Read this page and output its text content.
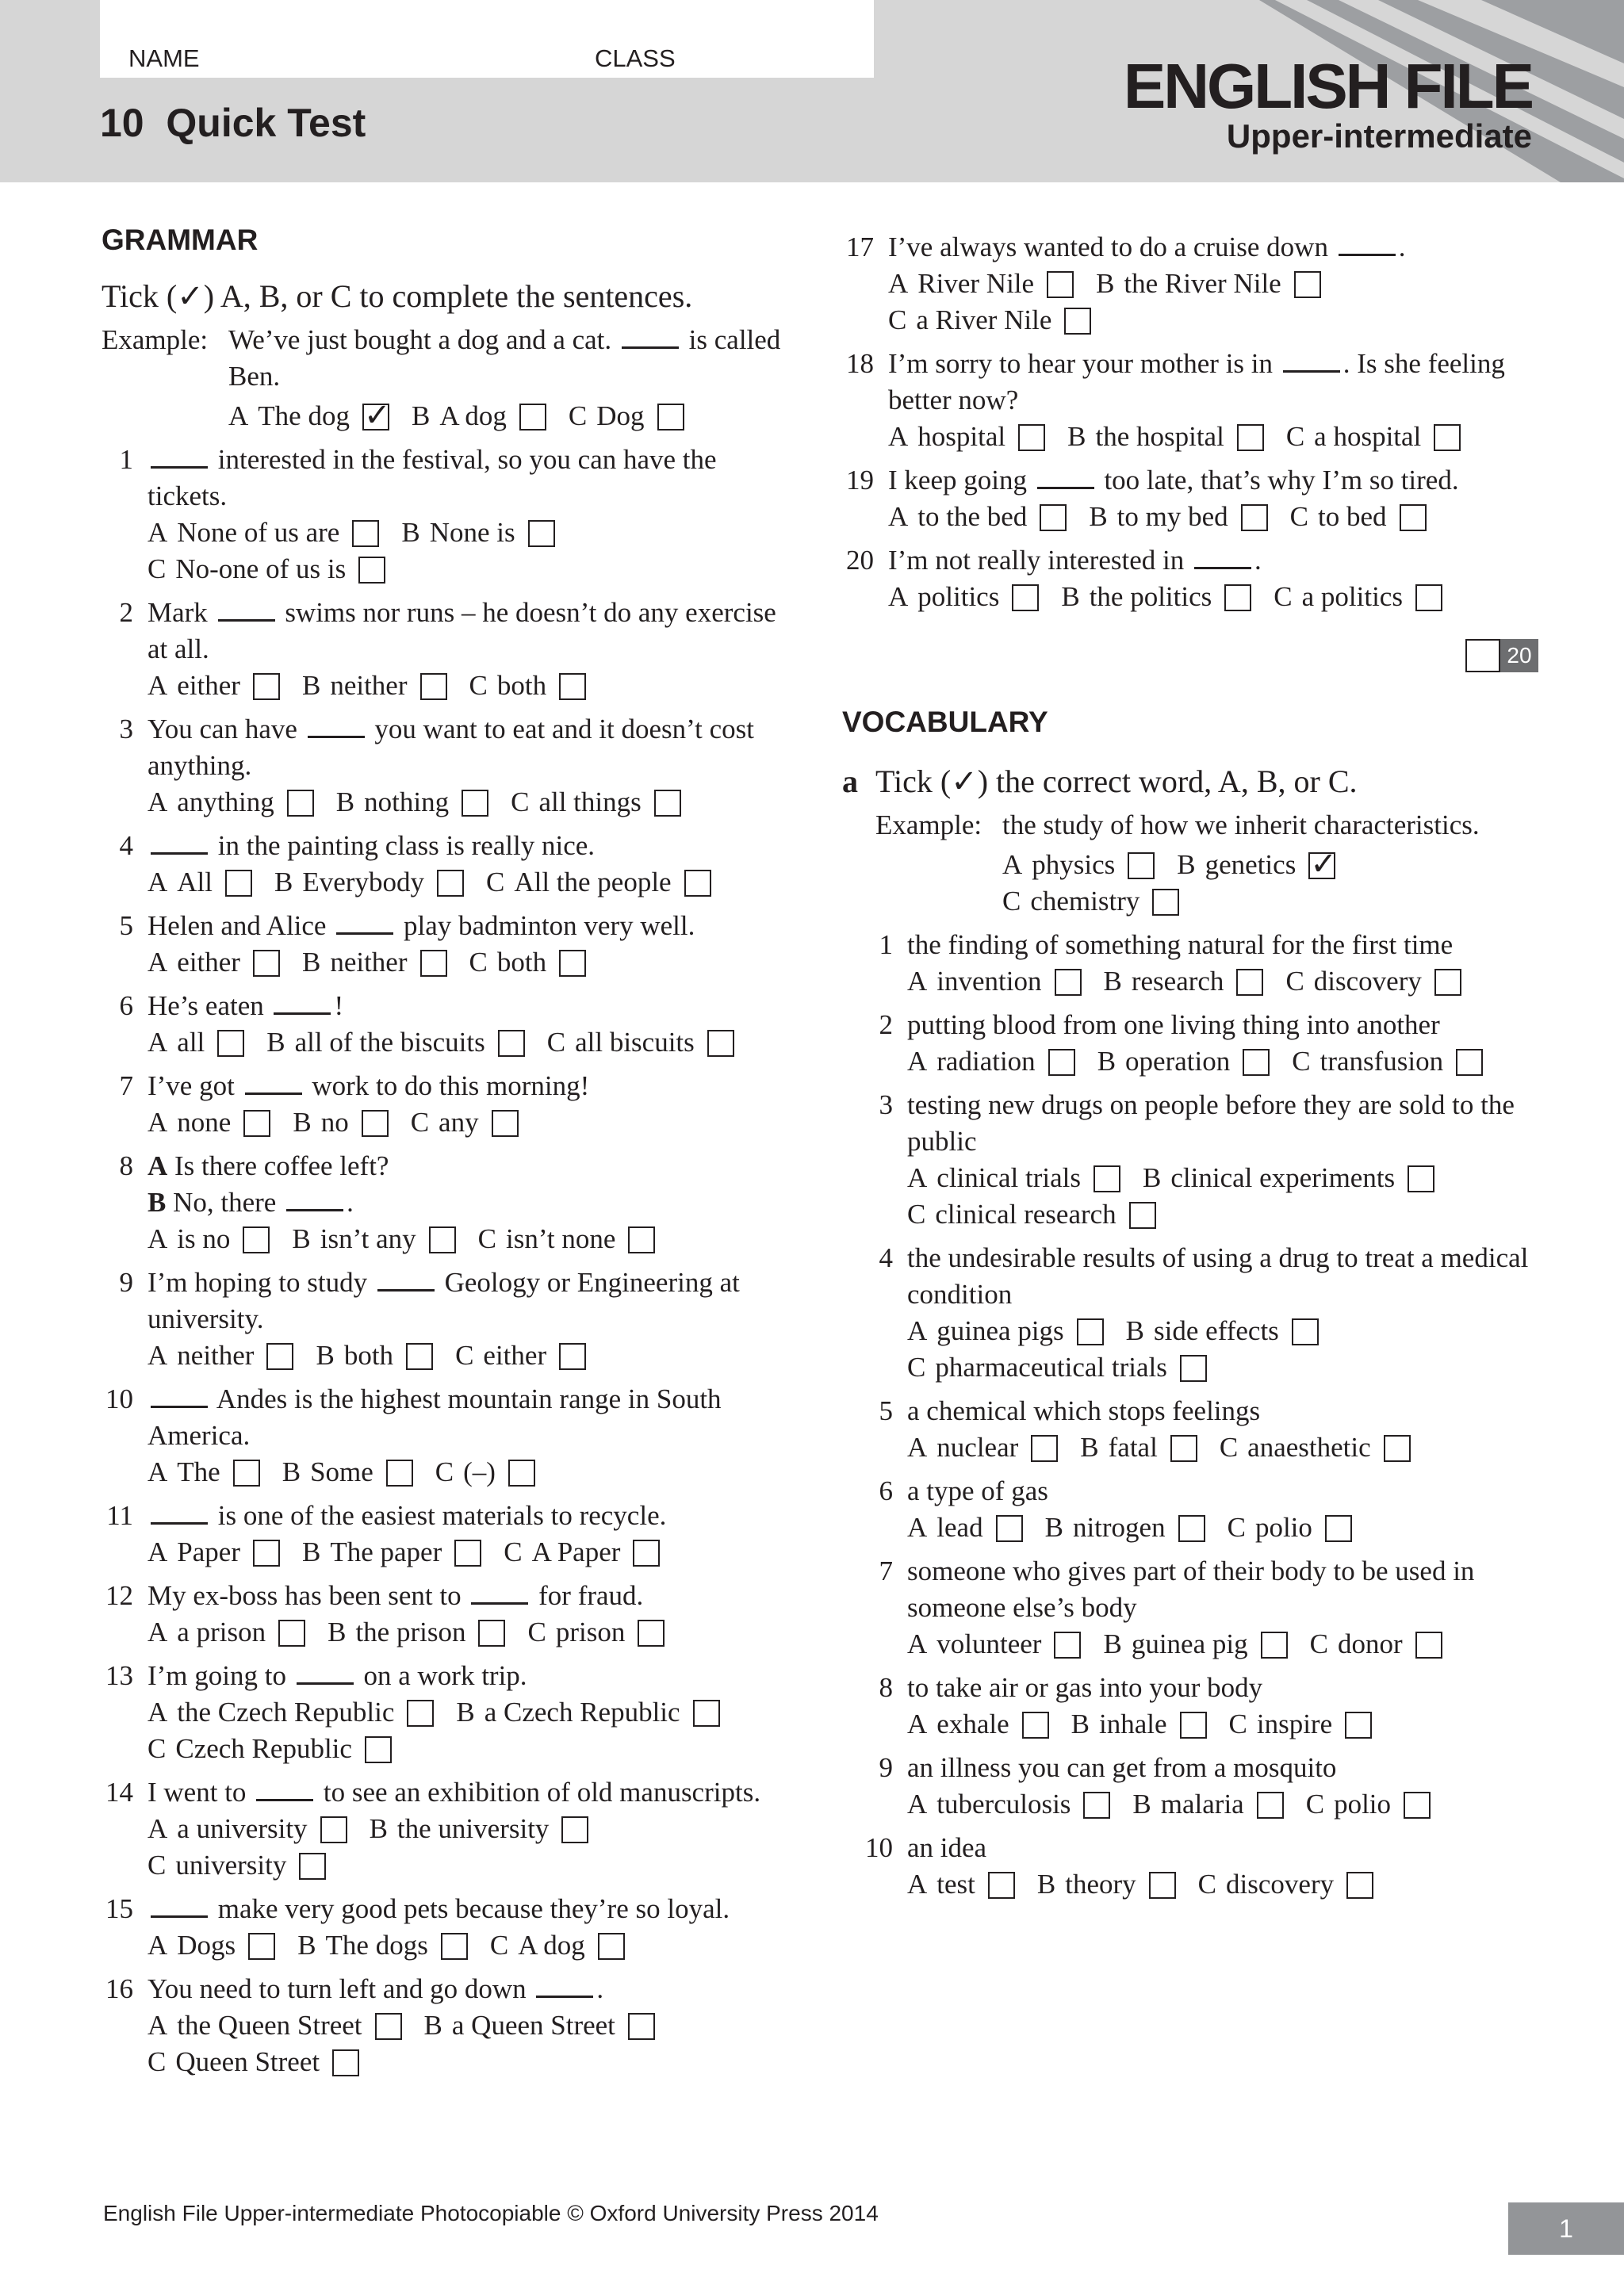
NAME	CLASS
10  Quick Test
ENGLISH FILE
Upper-intermediate
GRAMMAR
Tick (✓) A, B, or C to complete the sentences.
Example: We’ve just bought a dog and a cat.	is called Ben.
A The dog✓	B A dog	C Dog
1	interested in the festival, so you can have the tickets.
A None of us are	B None is
C No-one of us is
2 Mark	swims nor runs – he doesn’t do any exercise at all.
A either	B neither	C both
3 You can have	you want to eat and it doesn’t cost anything.
A anything	B nothing	C all things
4	in the painting class is really nice.
A All	B Everybody	C All the people
5 Helen and Alice	play badminton very well.
A either	B neither	C both
6 He’s eaten	!
A all	B all of the biscuits	C all biscuits
7 I’ve got	work to do this morning!
A none	B no	C any
8 A Is there coffee left?
B No, there	.
A is no	B isn’t any	C isn’t none
9 I’m hoping to study	Geology or Engineering at university.
A neither	B both	C either
10	Andes is the highest mountain range in South America.
A The	B Some	C (–)
11	is one of the easiest materials to recycle.
A Paper	B The paper	C A Paper
12 My ex-boss has been sent to	for fraud.
A a prison	B the prison	C prison
13 I’m going to	on a work trip.
A the Czech Republic	B a Czech Republic
C Czech Republic
14 I went to	to see an exhibition of old manuscripts.
A a university	B the university
C university
15	make very good pets because they’re so loyal.
A Dogs	B The dogs	C A dog
16 You need to turn left and go down	.
A the Queen Street	B a Queen Street
C Queen Street
17 I’ve always wanted to do a cruise down	.
A River Nile	B the River Nile
C a River Nile
18 I’m sorry to hear your mother is in	. Is she feeling better now?
A hospital	B the hospital	C a hospital
19 I keep going	too late, that’s why I’m so tired.
A to the bed	B to my bed	C to bed
20 I’m not really interested in	.
A politics	B the politics	C a politics
20
VOCABULARY
a Tick (✓) the correct word, A, B, or C.
Example: the study of how we inherit characteristics.
A physics	B genetics✓
C chemistry
1 the finding of something natural for the first time
A invention	B research	C discovery
2 putting blood from one living thing into another
A radiation	B operation	C transfusion
3 testing new drugs on people before they are sold to the public
A clinical trials	B clinical experiments
C clinical research
4 the undesirable results of using a drug to treat a medical condition
A guinea pigs	B side effects
C pharmaceutical trials
5 a chemical which stops feelings
A nuclear	B fatal	C anaesthetic
6 a type of gas
A lead	B nitrogen	C polio
7 someone who gives part of their body to be used in someone else’s body
A volunteer	B guinea pig	C donor
8 to take air or gas into your body
A exhale	B inhale	C inspire
9 an illness you can get from a mosquito
A tuberculosis	B malaria	C polio
10 an idea
A test	B theory	C discovery
English File Upper-intermediate Photocopiable © Oxford University Press 2014
1
